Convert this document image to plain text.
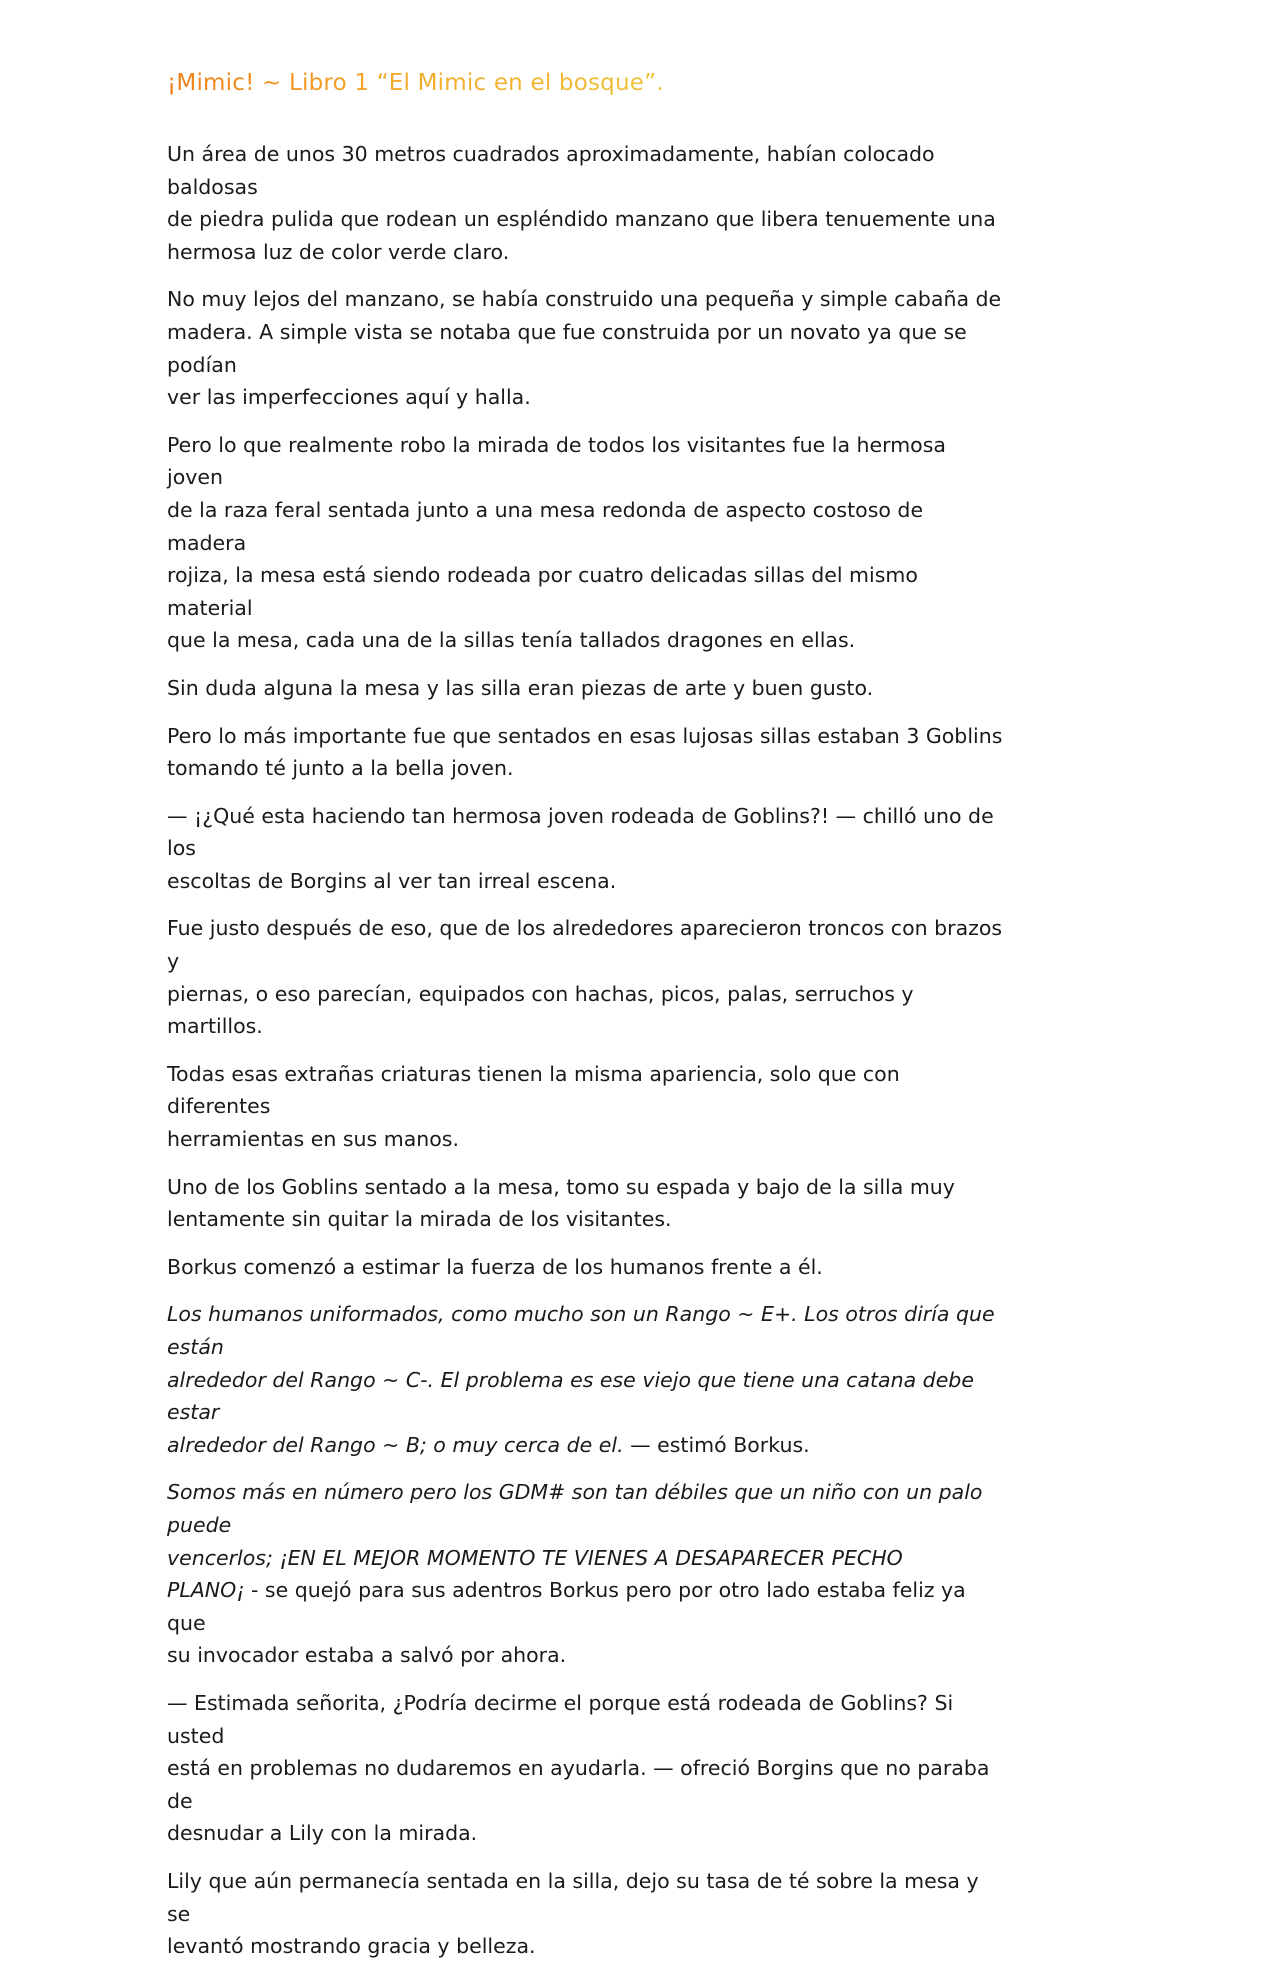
¡Mimic! ~ Libro 1 “El Mimic en el bosque”.

Un área de unos 30 metros cuadrados aproximadamente, habían colocado baldosas
de piedra pulida que rodean un espléndido manzano que libera tenuemente una
hermosa luz de color verde claro.

No muy lejos del manzano, se había construido una pequeña y simple cabaña de
madera. A simple vista se notaba que fue construida por un novato ya que se podían
ver las imperfecciones aquí y halla.

Pero lo que realmente robo la mirada de todos los visitantes fue la hermosa joven
de la raza feral sentada junto a una mesa redonda de aspecto costoso de madera
rojiza, la mesa está siendo rodeada por cuatro delicadas sillas del mismo material
que la mesa, cada una de la sillas tenía tallados dragones en ellas.

Sin duda alguna la mesa y las silla eran piezas de arte y buen gusto.

Pero lo más importante fue que sentados en esas lujosas sillas estaban 3 Goblins
tomando té junto a la bella joven.

— ¡¿Qué esta haciendo tan hermosa joven rodeada de Goblins?! — chilló uno de los
escoltas de Borgins al ver tan irreal escena.

Fue justo después de eso, que de los alrededores aparecieron troncos con brazos y
piernas, o eso parecían, equipados con hachas, picos, palas, serruchos y martillos.

Todas esas extrañas criaturas tienen la misma apariencia, solo que con diferentes
herramientas en sus manos.

Uno de los Goblins sentado a la mesa, tomo su espada y bajo de la silla muy
lentamente sin quitar la mirada de los visitantes.

Borkus comenzó a estimar la fuerza de los humanos frente a él.

Los humanos uniformados, como mucho son un Rango ~ E+. Los otros diría que están
alrededor del Rango ~ C-. El problema es ese viejo que tiene una catana debe estar
alrededor del Rango ~ B; o muy cerca de el. — estimó Borkus.

Somos más en número pero los GDM# son tan débiles que un niño con un palo puede
vencerlos; ¡EN EL MEJOR MOMENTO TE VIENES A DESAPARECER PECHO
PLANO¡ - se quejó para sus adentros Borkus pero por otro lado estaba feliz ya que
su invocador estaba a salvó por ahora.

— Estimada señorita, ¿Podría decirme el porque está rodeada de Goblins? Si usted
está en problemas no dudaremos en ayudarla. — ofreció Borgins que no paraba de
desnudar a Lily con la mirada.

Lily que aún permanecía sentada en la silla, dejo su tasa de té sobre la mesa y se
levantó mostrando gracia y belleza.
